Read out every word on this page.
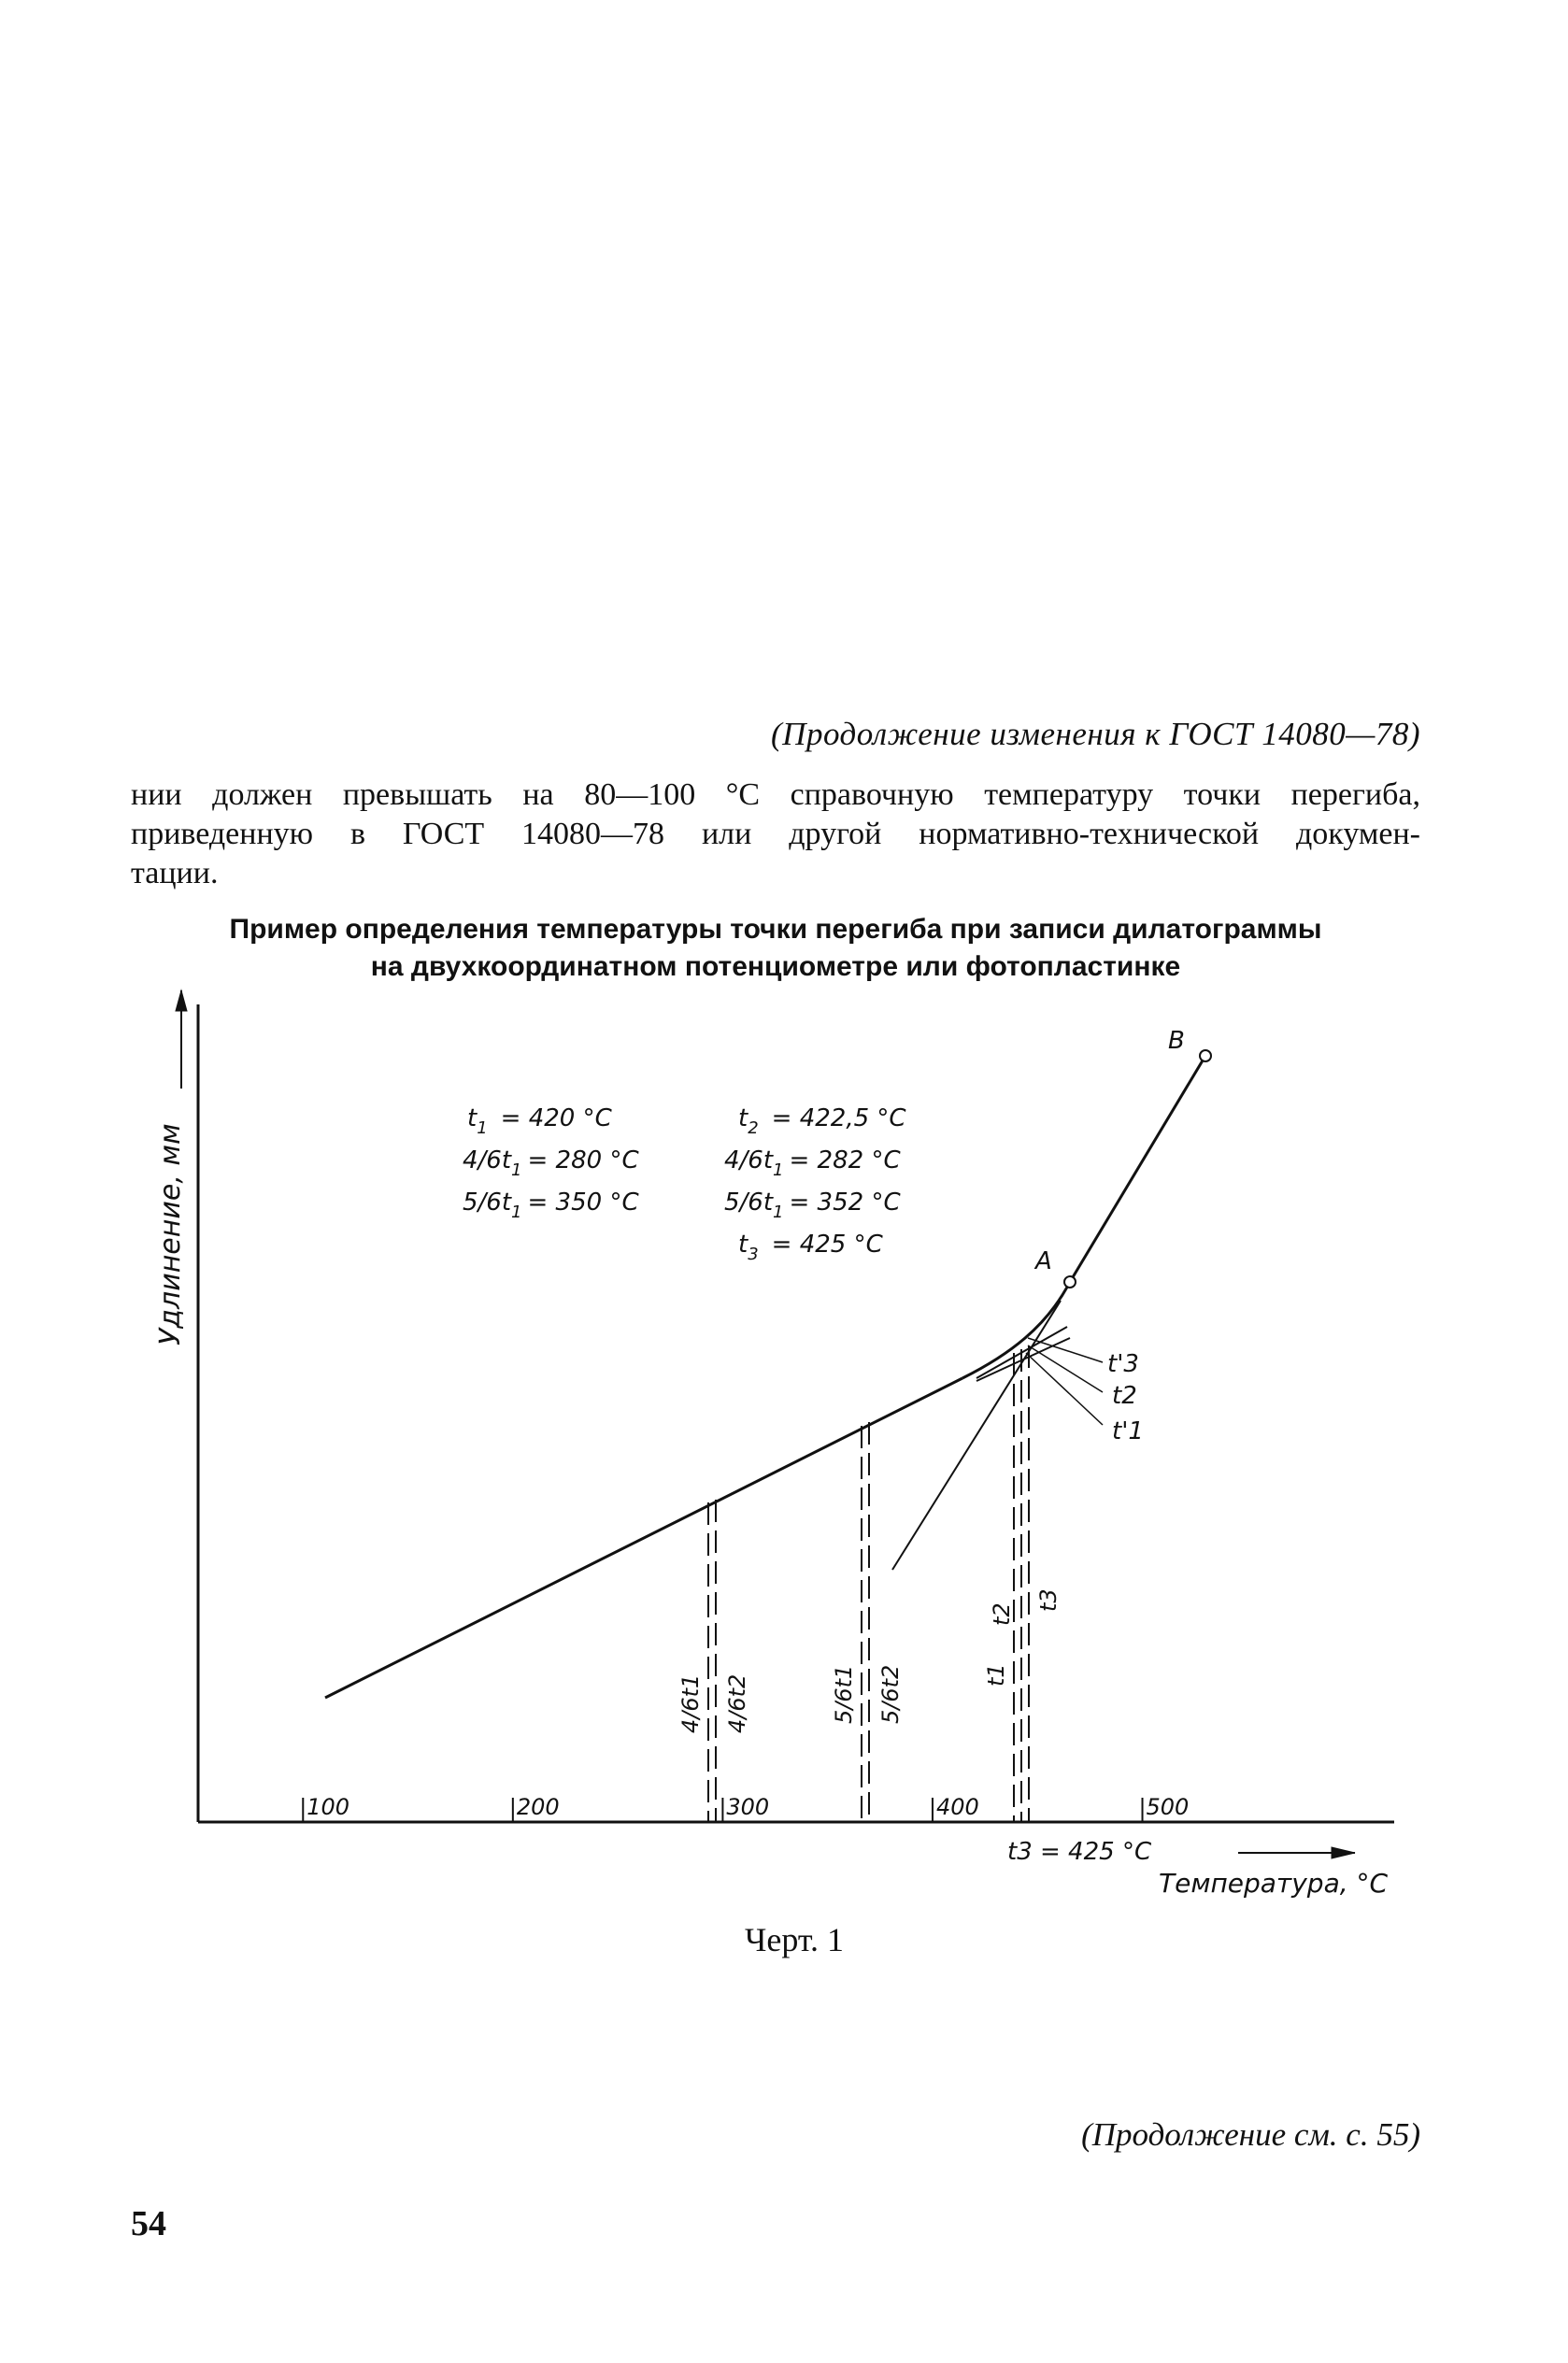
(Продолжение изменения к ГОСТ 14080—78)
нии должен превышать на 80—100 °С справочную температуру точки перегиба,
приведенную в ГОСТ 14080—78 или другой нормативно-технической докумен-
тации.
Пример определения температуры точки перегиба при записи дилатограммы
на двухкоординатном потенциометре или фотопластинке
100	200	300	400	500
A
B
$t_1 = 420$ °C
$4/6t_1 = 280$ °C
$5/6t_1 = 350$ °C
$t_2 = 422,5$ °C
$4/6t_1 = 282$ °C
$5/6t_1 = 352$ °C
$t_3 = 425$ °C
t'3
t2
t'1
4/6t1 4/6t2	5/6t1 5/6t2	t1
t2
t3
Удлинение, мм
Температура, °С
t3 = 425 °C
Черт. 1
(Продолжение см. с. 55)
54
